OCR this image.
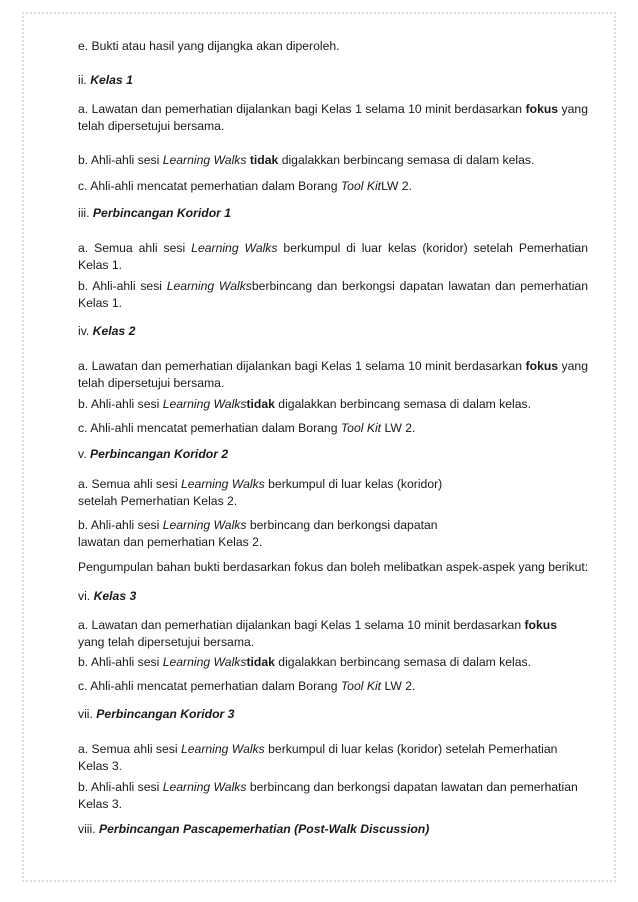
e. Bukti atau hasil yang dijangka akan diperoleh.
ii. Kelas 1
a. Lawatan dan pemerhatian dijalankan bagi Kelas 1 selama 10 minit berdasarkan fokus yang telah dipersetujui bersama.
b. Ahli-ahli sesi Learning Walks tidak digalakkan berbincang semasa di dalam kelas.
c. Ahli-ahli mencatat pemerhatian dalam Borang Tool KitLW 2.
iii. Perbincangan Koridor 1
a. Semua ahli sesi Learning Walks berkumpul di luar kelas (koridor) setelah Pemerhatian Kelas 1.
b. Ahli-ahli sesi Learning Walksberbincang dan berkongsi dapatan lawatan dan pemerhatian Kelas 1.
iv. Kelas 2
a. Lawatan dan pemerhatian dijalankan bagi Kelas 1 selama 10 minit berdasarkan fokus yang telah dipersetujui bersama.
b. Ahli-ahli sesi Learning Walkstidak digalakkan berbincang semasa di dalam kelas.
c. Ahli-ahli mencatat pemerhatian dalam Borang Tool Kit LW 2.
v. Perbincangan Koridor 2
a. Semua ahli sesi Learning Walks berkumpul di luar kelas (koridor)
setelah Pemerhatian Kelas 2.
b. Ahli-ahli sesi Learning Walks berbincang dan berkongsi dapatan
lawatan dan pemerhatian Kelas 2.
Pengumpulan bahan bukti berdasarkan fokus dan boleh melibatkan aspek-aspek yang berikut:
vi. Kelas 3
a. Lawatan dan pemerhatian dijalankan bagi Kelas 1 selama 10 minit berdasarkan fokus
yang telah dipersetujui bersama.
b. Ahli-ahli sesi Learning Walkstidak digalakkan berbincang semasa di dalam kelas.
c. Ahli-ahli mencatat pemerhatian dalam Borang Tool Kit LW 2.
vii. Perbincangan Koridor 3
a. Semua ahli sesi Learning Walks berkumpul di luar kelas (koridor) setelah Pemerhatian
Kelas 3.
b. Ahli-ahli sesi Learning Walks berbincang dan berkongsi dapatan lawatan dan pemerhatian
Kelas 3.
viii. Perbincangan Pascapemerhatian (Post-Walk Discussion)
